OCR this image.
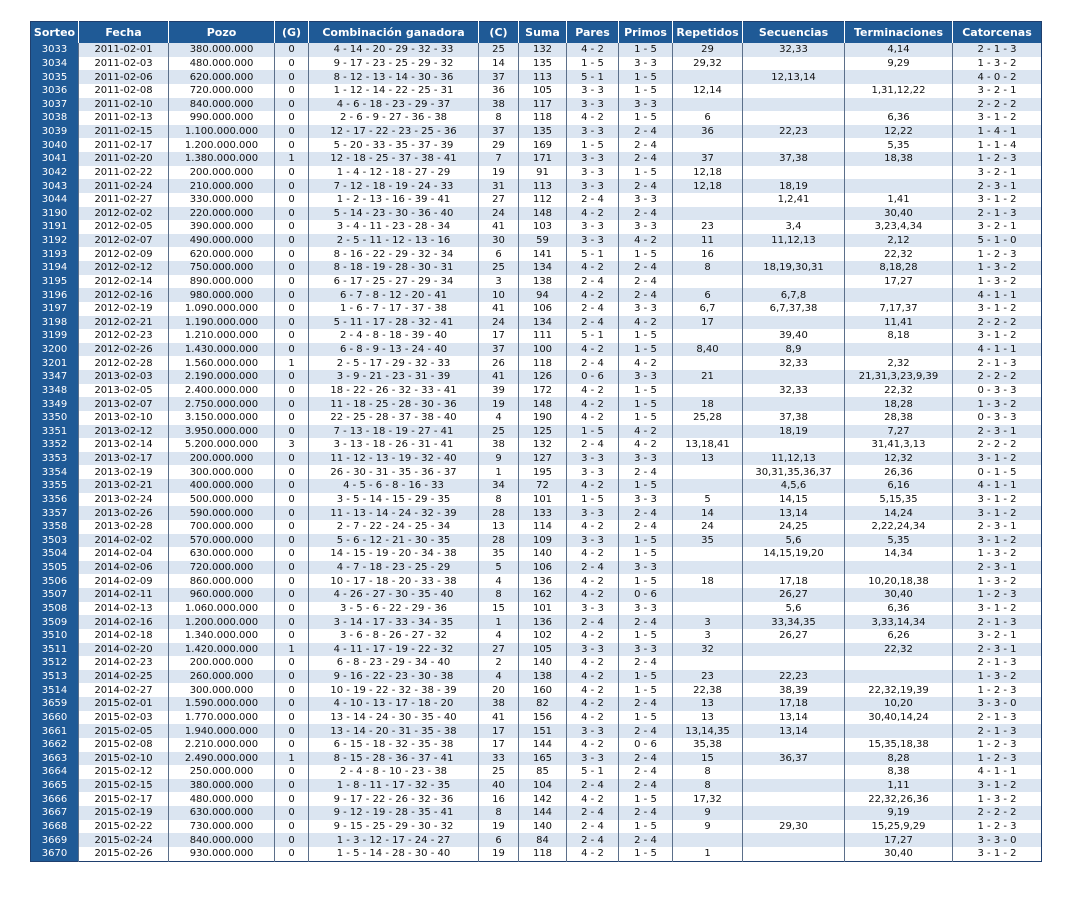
Sorteo	Fecha	Pozo	(G)	Combinación ganadora	(C)	Suma	Pares	Primos	Repetidos	Secuencias	Terminaciones	Catorcenas
3033	2011-02-01	380.000.000	0	4 - 14 - 20 - 29 - 32 - 33	25	132	4 - 2	1 - 5	29	32,33	4,14	2 - 1 - 3
3034	2011-02-03	480.000.000	0	9 - 17 - 23 - 25 - 29 - 32	14	135	1 - 5	3 - 3	29,32		9,29	1 - 3 - 2
3035	2011-02-06	620.000.000	0	8 - 12 - 13 - 14 - 30 - 36	37	113	5 - 1	1 - 5		12,13,14		4 - 0 - 2
3036	2011-02-08	720.000.000	0	1 - 12 - 14 - 22 - 25 - 31	36	105	3 - 3	1 - 5	12,14		1,31,12,22	3 - 2 - 1
3037	2011-02-10	840.000.000	0	4 - 6 - 18 - 23 - 29 - 37	38	117	3 - 3	3 - 3				2 - 2 - 2
3038	2011-02-13	990.000.000	0	2 - 6 - 9 - 27 - 36 - 38	8	118	4 - 2	1 - 5	6		6,36	3 - 1 - 2
3039	2011-02-15	1.100.000.000	0	12 - 17 - 22 - 23 - 25 - 36	37	135	3 - 3	2 - 4	36	22,23	12,22	1 - 4 - 1
3040	2011-02-17	1.200.000.000	0	5 - 20 - 33 - 35 - 37 - 39	29	169	1 - 5	2 - 4			5,35	1 - 1 - 4
3041	2011-02-20	1.380.000.000	1	12 - 18 - 25 - 37 - 38 - 41	7	171	3 - 3	2 - 4	37	37,38	18,38	1 - 2 - 3
3042	2011-02-22	200.000.000	0	1 - 4 - 12 - 18 - 27 - 29	19	91	3 - 3	1 - 5	12,18			3 - 2 - 1
3043	2011-02-24	210.000.000	0	7 - 12 - 18 - 19 - 24 - 33	31	113	3 - 3	2 - 4	12,18	18,19		2 - 3 - 1
3044	2011-02-27	330.000.000	0	1 - 2 - 13 - 16 - 39 - 41	27	112	2 - 4	3 - 3		1,2,41	1,41	3 - 1 - 2
3190	2012-02-02	220.000.000	0	5 - 14 - 23 - 30 - 36 - 40	24	148	4 - 2	2 - 4			30,40	2 - 1 - 3
3191	2012-02-05	390.000.000	0	3 - 4 - 11 - 23 - 28 - 34	41	103	3 - 3	3 - 3	23	3,4	3,23,4,34	3 - 2 - 1
3192	2012-02-07	490.000.000	0	2 - 5 - 11 - 12 - 13 - 16	30	59	3 - 3	4 - 2	11	11,12,13	2,12	5 - 1 - 0
3193	2012-02-09	620.000.000	0	8 - 16 - 22 - 29 - 32 - 34	6	141	5 - 1	1 - 5	16		22,32	1 - 2 - 3
3194	2012-02-12	750.000.000	0	8 - 18 - 19 - 28 - 30 - 31	25	134	4 - 2	2 - 4	8	18,19,30,31	8,18,28	1 - 3 - 2
3195	2012-02-14	890.000.000	0	6 - 17 - 25 - 27 - 29 - 34	3	138	2 - 4	2 - 4			17,27	1 - 3 - 2
3196	2012-02-16	980.000.000	0	6 - 7 - 8 - 12 - 20 - 41	10	94	4 - 2	2 - 4	6	6,7,8		4 - 1 - 1
3197	2012-02-19	1.090.000.000	0	1 - 6 - 7 - 17 - 37 - 38	41	106	2 - 4	3 - 3	6,7	6,7,37,38	7,17,37	3 - 1 - 2
3198	2012-02-21	1.190.000.000	0	5 - 11 - 17 - 28 - 32 - 41	24	134	2 - 4	4 - 2	17		11,41	2 - 2 - 2
3199	2012-02-23	1.210.000.000	0	2 - 4 - 8 - 18 - 39 - 40	17	111	5 - 1	1 - 5		39,40	8,18	3 - 1 - 2
3200	2012-02-26	1.430.000.000	0	6 - 8 - 9 - 13 - 24 - 40	37	100	4 - 2	1 - 5	8,40	8,9		4 - 1 - 1
3201	2012-02-28	1.560.000.000	1	2 - 5 - 17 - 29 - 32 - 33	26	118	2 - 4	4 - 2		32,33	2,32	2 - 1 - 3
3347	2013-02-03	2.190.000.000	0	3 - 9 - 21 - 23 - 31 - 39	41	126	0 - 6	3 - 3	21		21,31,3,23,9,39	2 - 2 - 2
3348	2013-02-05	2.400.000.000	0	18 - 22 - 26 - 32 - 33 - 41	39	172	4 - 2	1 - 5		32,33	22,32	0 - 3 - 3
3349	2013-02-07	2.750.000.000	0	11 - 18 - 25 - 28 - 30 - 36	19	148	4 - 2	1 - 5	18		18,28	1 - 3 - 2
3350	2013-02-10	3.150.000.000	0	22 - 25 - 28 - 37 - 38 - 40	4	190	4 - 2	1 - 5	25,28	37,38	28,38	0 - 3 - 3
3351	2013-02-12	3.950.000.000	0	7 - 13 - 18 - 19 - 27 - 41	25	125	1 - 5	4 - 2		18,19	7,27	2 - 3 - 1
3352	2013-02-14	5.200.000.000	3	3 - 13 - 18 - 26 - 31 - 41	38	132	2 - 4	4 - 2	13,18,41		31,41,3,13	2 - 2 - 2
3353	2013-02-17	200.000.000	0	11 - 12 - 13 - 19 - 32 - 40	9	127	3 - 3	3 - 3	13	11,12,13	12,32	3 - 1 - 2
3354	2013-02-19	300.000.000	0	26 - 30 - 31 - 35 - 36 - 37	1	195	3 - 3	2 - 4		30,31,35,36,37	26,36	0 - 1 - 5
3355	2013-02-21	400.000.000	0	4 - 5 - 6 - 8 - 16 - 33	34	72	4 - 2	1 - 5		4,5,6	6,16	4 - 1 - 1
3356	2013-02-24	500.000.000	0	3 - 5 - 14 - 15 - 29 - 35	8	101	1 - 5	3 - 3	5	14,15	5,15,35	3 - 1 - 2
3357	2013-02-26	590.000.000	0	11 - 13 - 14 - 24 - 32 - 39	28	133	3 - 3	2 - 4	14	13,14	14,24	3 - 1 - 2
3358	2013-02-28	700.000.000	0	2 - 7 - 22 - 24 - 25 - 34	13	114	4 - 2	2 - 4	24	24,25	2,22,24,34	2 - 3 - 1
3503	2014-02-02	570.000.000	0	5 - 6 - 12 - 21 - 30 - 35	28	109	3 - 3	1 - 5	35	5,6	5,35	3 - 1 - 2
3504	2014-02-04	630.000.000	0	14 - 15 - 19 - 20 - 34 - 38	35	140	4 - 2	1 - 5		14,15,19,20	14,34	1 - 3 - 2
3505	2014-02-06	720.000.000	0	4 - 7 - 18 - 23 - 25 - 29	5	106	2 - 4	3 - 3				2 - 3 - 1
3506	2014-02-09	860.000.000	0	10 - 17 - 18 - 20 - 33 - 38	4	136	4 - 2	1 - 5	18	17,18	10,20,18,38	1 - 3 - 2
3507	2014-02-11	960.000.000	0	4 - 26 - 27 - 30 - 35 - 40	8	162	4 - 2	0 - 6		26,27	30,40	1 - 2 - 3
3508	2014-02-13	1.060.000.000	0	3 - 5 - 6 - 22 - 29 - 36	15	101	3 - 3	3 - 3		5,6	6,36	3 - 1 - 2
3509	2014-02-16	1.200.000.000	0	3 - 14 - 17 - 33 - 34 - 35	1	136	2 - 4	2 - 4	3	33,34,35	3,33,14,34	2 - 1 - 3
3510	2014-02-18	1.340.000.000	0	3 - 6 - 8 - 26 - 27 - 32	4	102	4 - 2	1 - 5	3	26,27	6,26	3 - 2 - 1
3511	2014-02-20	1.420.000.000	1	4 - 11 - 17 - 19 - 22 - 32	27	105	3 - 3	3 - 3	32		22,32	2 - 3 - 1
3512	2014-02-23	200.000.000	0	6 - 8 - 23 - 29 - 34 - 40	2	140	4 - 2	2 - 4				2 - 1 - 3
3513	2014-02-25	260.000.000	0	9 - 16 - 22 - 23 - 30 - 38	4	138	4 - 2	1 - 5	23	22,23		1 - 3 - 2
3514	2014-02-27	300.000.000	0	10 - 19 - 22 - 32 - 38 - 39	20	160	4 - 2	1 - 5	22,38	38,39	22,32,19,39	1 - 2 - 3
3659	2015-02-01	1.590.000.000	0	4 - 10 - 13 - 17 - 18 - 20	38	82	4 - 2	2 - 4	13	17,18	10,20	3 - 3 - 0
3660	2015-02-03	1.770.000.000	0	13 - 14 - 24 - 30 - 35 - 40	41	156	4 - 2	1 - 5	13	13,14	30,40,14,24	2 - 1 - 3
3661	2015-02-05	1.940.000.000	0	13 - 14 - 20 - 31 - 35 - 38	17	151	3 - 3	2 - 4	13,14,35	13,14		2 - 1 - 3
3662	2015-02-08	2.210.000.000	0	6 - 15 - 18 - 32 - 35 - 38	17	144	4 - 2	0 - 6	35,38		15,35,18,38	1 - 2 - 3
3663	2015-02-10	2.490.000.000	1	8 - 15 - 28 - 36 - 37 - 41	33	165	3 - 3	2 - 4	15	36,37	8,28	1 - 2 - 3
3664	2015-02-12	250.000.000	0	2 - 4 - 8 - 10 - 23 - 38	25	85	5 - 1	2 - 4	8		8,38	4 - 1 - 1
3665	2015-02-15	380.000.000	0	1 - 8 - 11 - 17 - 32 - 35	40	104	2 - 4	2 - 4	8		1,11	3 - 1 - 2
3666	2015-02-17	480.000.000	0	9 - 17 - 22 - 26 - 32 - 36	16	142	4 - 2	1 - 5	17,32		22,32,26,36	1 - 3 - 2
3667	2015-02-19	630.000.000	0	9 - 12 - 19 - 28 - 35 - 41	8	144	2 - 4	2 - 4	9		9,19	2 - 2 - 2
3668	2015-02-22	730.000.000	0	9 - 15 - 25 - 29 - 30 - 32	19	140	2 - 4	1 - 5	9	29,30	15,25,9,29	1 - 2 - 3
3669	2015-02-24	840.000.000	0	1 - 3 - 12 - 17 - 24 - 27	6	84	2 - 4	2 - 4			17,27	3 - 3 - 0
3670	2015-02-26	930.000.000	0	1 - 5 - 14 - 28 - 30 - 40	19	118	4 - 2	1 - 5	1		30,40	3 - 1 - 2
